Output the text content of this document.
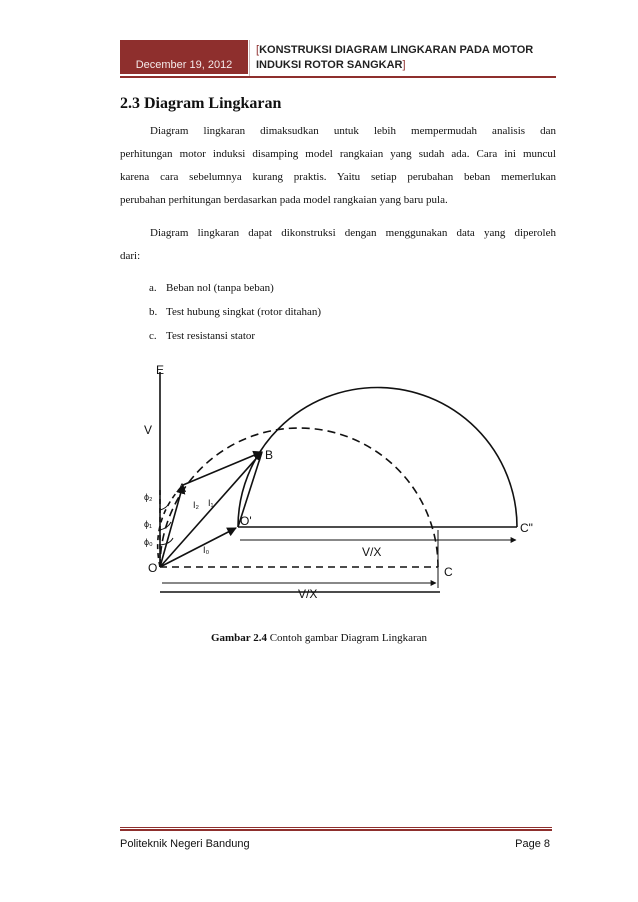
December 19, 2012
[KONSTRUKSI DIAGRAM LINGKARAN PADA MOTOR
INDUKSI ROTOR SANGKAR]
2.3 Diagram Lingkaran
Diagram lingkaran dimaksudkan untuk lebih mempermudah analisis dan
perhitungan motor induksi disamping model rangkaian yang sudah ada. Cara ini muncul
karena cara sebelumnya kurang praktis. Yaitu setiap perubahan beban memerlukan
perubahan perhitungan berdasarkan pada model rangkaian yang baru pula.
Diagram lingkaran dapat dikonstruksi dengan menggunakan data yang diperoleh
dari:
a. Beban nol (tanpa beban)
b. Test hubung singkat (rotor ditahan)
c. Test resistansi stator
E
V
A
B
O
O'
C
C"
I₂ I₁
I₀
ϕ₂
ϕ₁
ϕ₀
V/X
V/X
Gambar 2.4 Contoh gambar Diagram Lingkaran
Politeknik Negeri Bandung	Page 8
